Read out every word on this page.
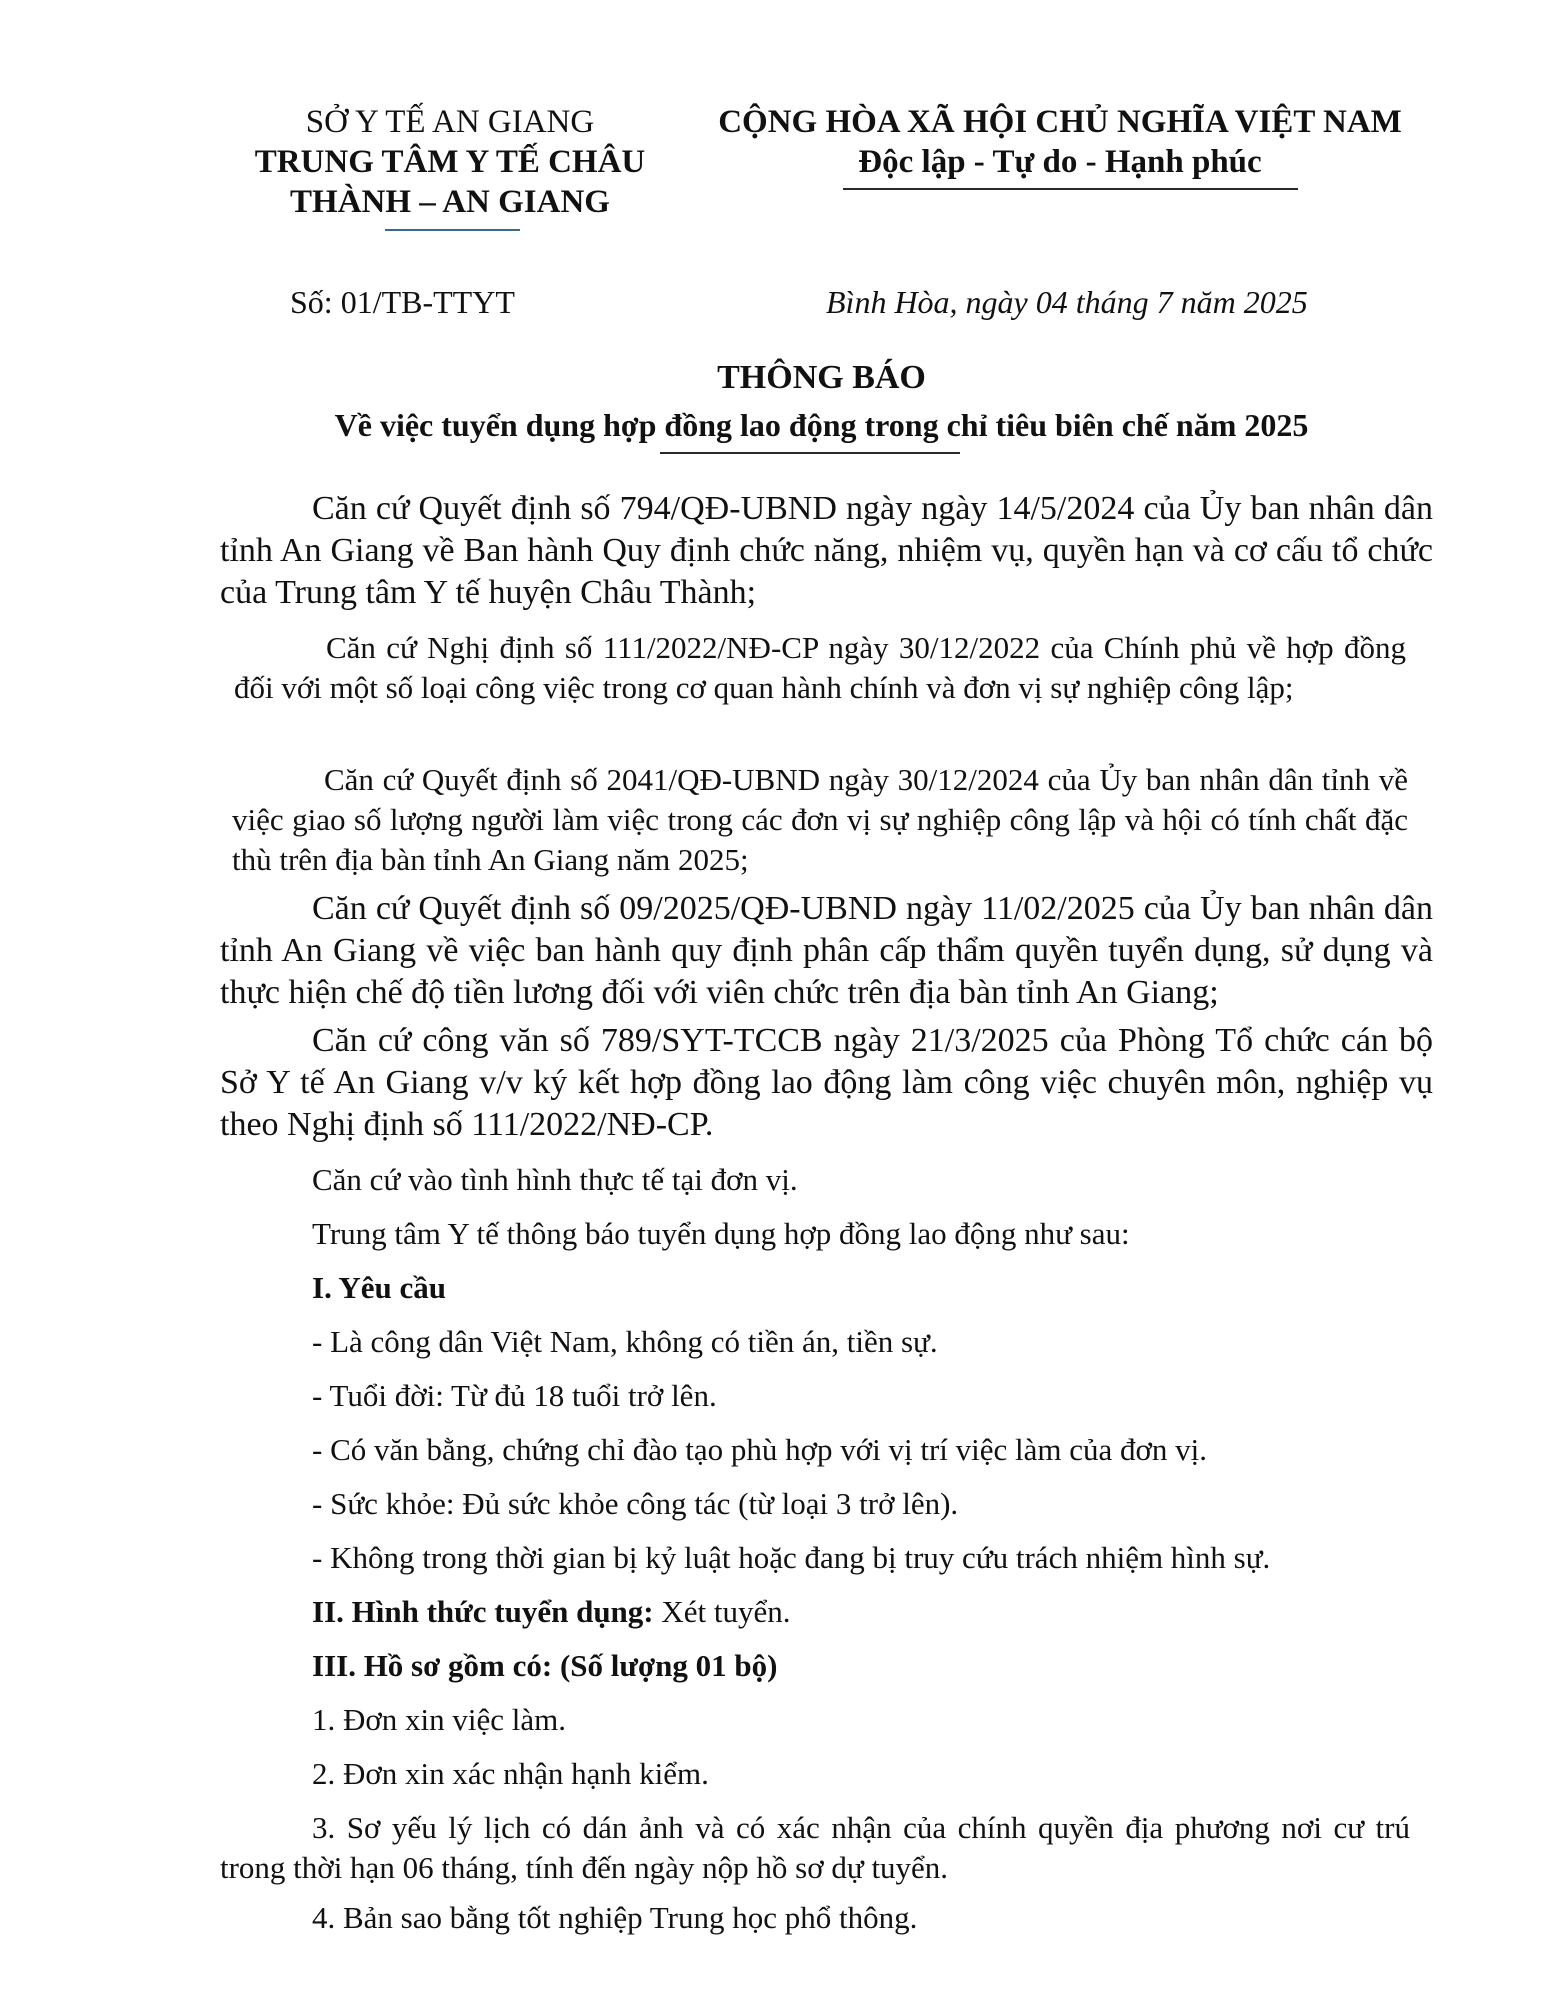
SỞ Y TẾ AN GIANG
TRUNG TÂM Y TẾ CHÂU
THÀNH – AN GIANG
CỘNG HÒA XÃ HỘI CHỦ NGHĨA VIỆT NAM
Độc lập - Tự do - Hạnh phúc
Số: 01/TB-TTYT	Bình Hòa, ngày 04 tháng 7 năm 2025
THÔNG BÁO
Về việc tuyển dụng hợp đồng lao động trong chỉ tiêu biên chế năm 2025
Căn cứ Quyết định số 794/QĐ-UBND ngày ngày 14/5/2024 của Ủy ban nhân dân tỉnh An Giang về Ban hành Quy định chức năng, nhiệm vụ, quyền hạn và cơ cấu tổ chức của Trung tâm Y tế huyện Châu Thành;
Căn cứ Nghị định số 111/2022/NĐ-CP ngày 30/12/2022 của Chính phủ về hợp đồng đối với một số loại công việc trong cơ quan hành chính và đơn vị sự nghiệp công lập;
Căn cứ Quyết định số 2041/QĐ-UBND ngày 30/12/2024 của Ủy ban nhân dân tỉnh về việc giao số lượng người làm việc trong các đơn vị sự nghiệp công lập và hội có tính chất đặc thù trên địa bàn tỉnh An Giang năm 2025;
Căn cứ Quyết định số 09/2025/QĐ-UBND ngày 11/02/2025 của Ủy ban nhân dân tỉnh An Giang về việc ban hành quy định phân cấp thẩm quyền tuyển dụng, sử dụng và thực hiện chế độ tiền lương đối với viên chức trên địa bàn tỉnh An Giang;
Căn cứ công văn số 789/SYT-TCCB ngày 21/3/2025 của Phòng Tổ chức cán bộ Sở Y tế An Giang v/v ký kết hợp đồng lao động làm công việc chuyên môn, nghiệp vụ theo Nghị định số 111/2022/NĐ-CP.
Căn cứ vào tình hình thực tế tại đơn vị.
Trung tâm Y tế thông báo tuyển dụng hợp đồng lao động như sau:
I. Yêu cầu
- Là công dân Việt Nam, không có tiền án, tiền sự.
- Tuổi đời: Từ đủ 18 tuổi trở lên.
- Có văn bằng, chứng chỉ đào tạo phù hợp với vị trí việc làm của đơn vị.
- Sức khỏe: Đủ sức khỏe công tác (từ loại 3 trở lên).
- Không trong thời gian bị kỷ luật hoặc đang bị truy cứu trách nhiệm hình sự.
II. Hình thức tuyển dụng: Xét tuyển.
III. Hồ sơ gồm có: (Số lượng 01 bộ)
1. Đơn xin việc làm.
2. Đơn xin xác nhận hạnh kiểm.
3. Sơ yếu lý lịch có dán ảnh và có xác nhận của chính quyền địa phương nơi cư trú trong thời hạn 06 tháng, tính đến ngày nộp hồ sơ dự tuyển.
4. Bản sao bằng tốt nghiệp Trung học phổ thông.
